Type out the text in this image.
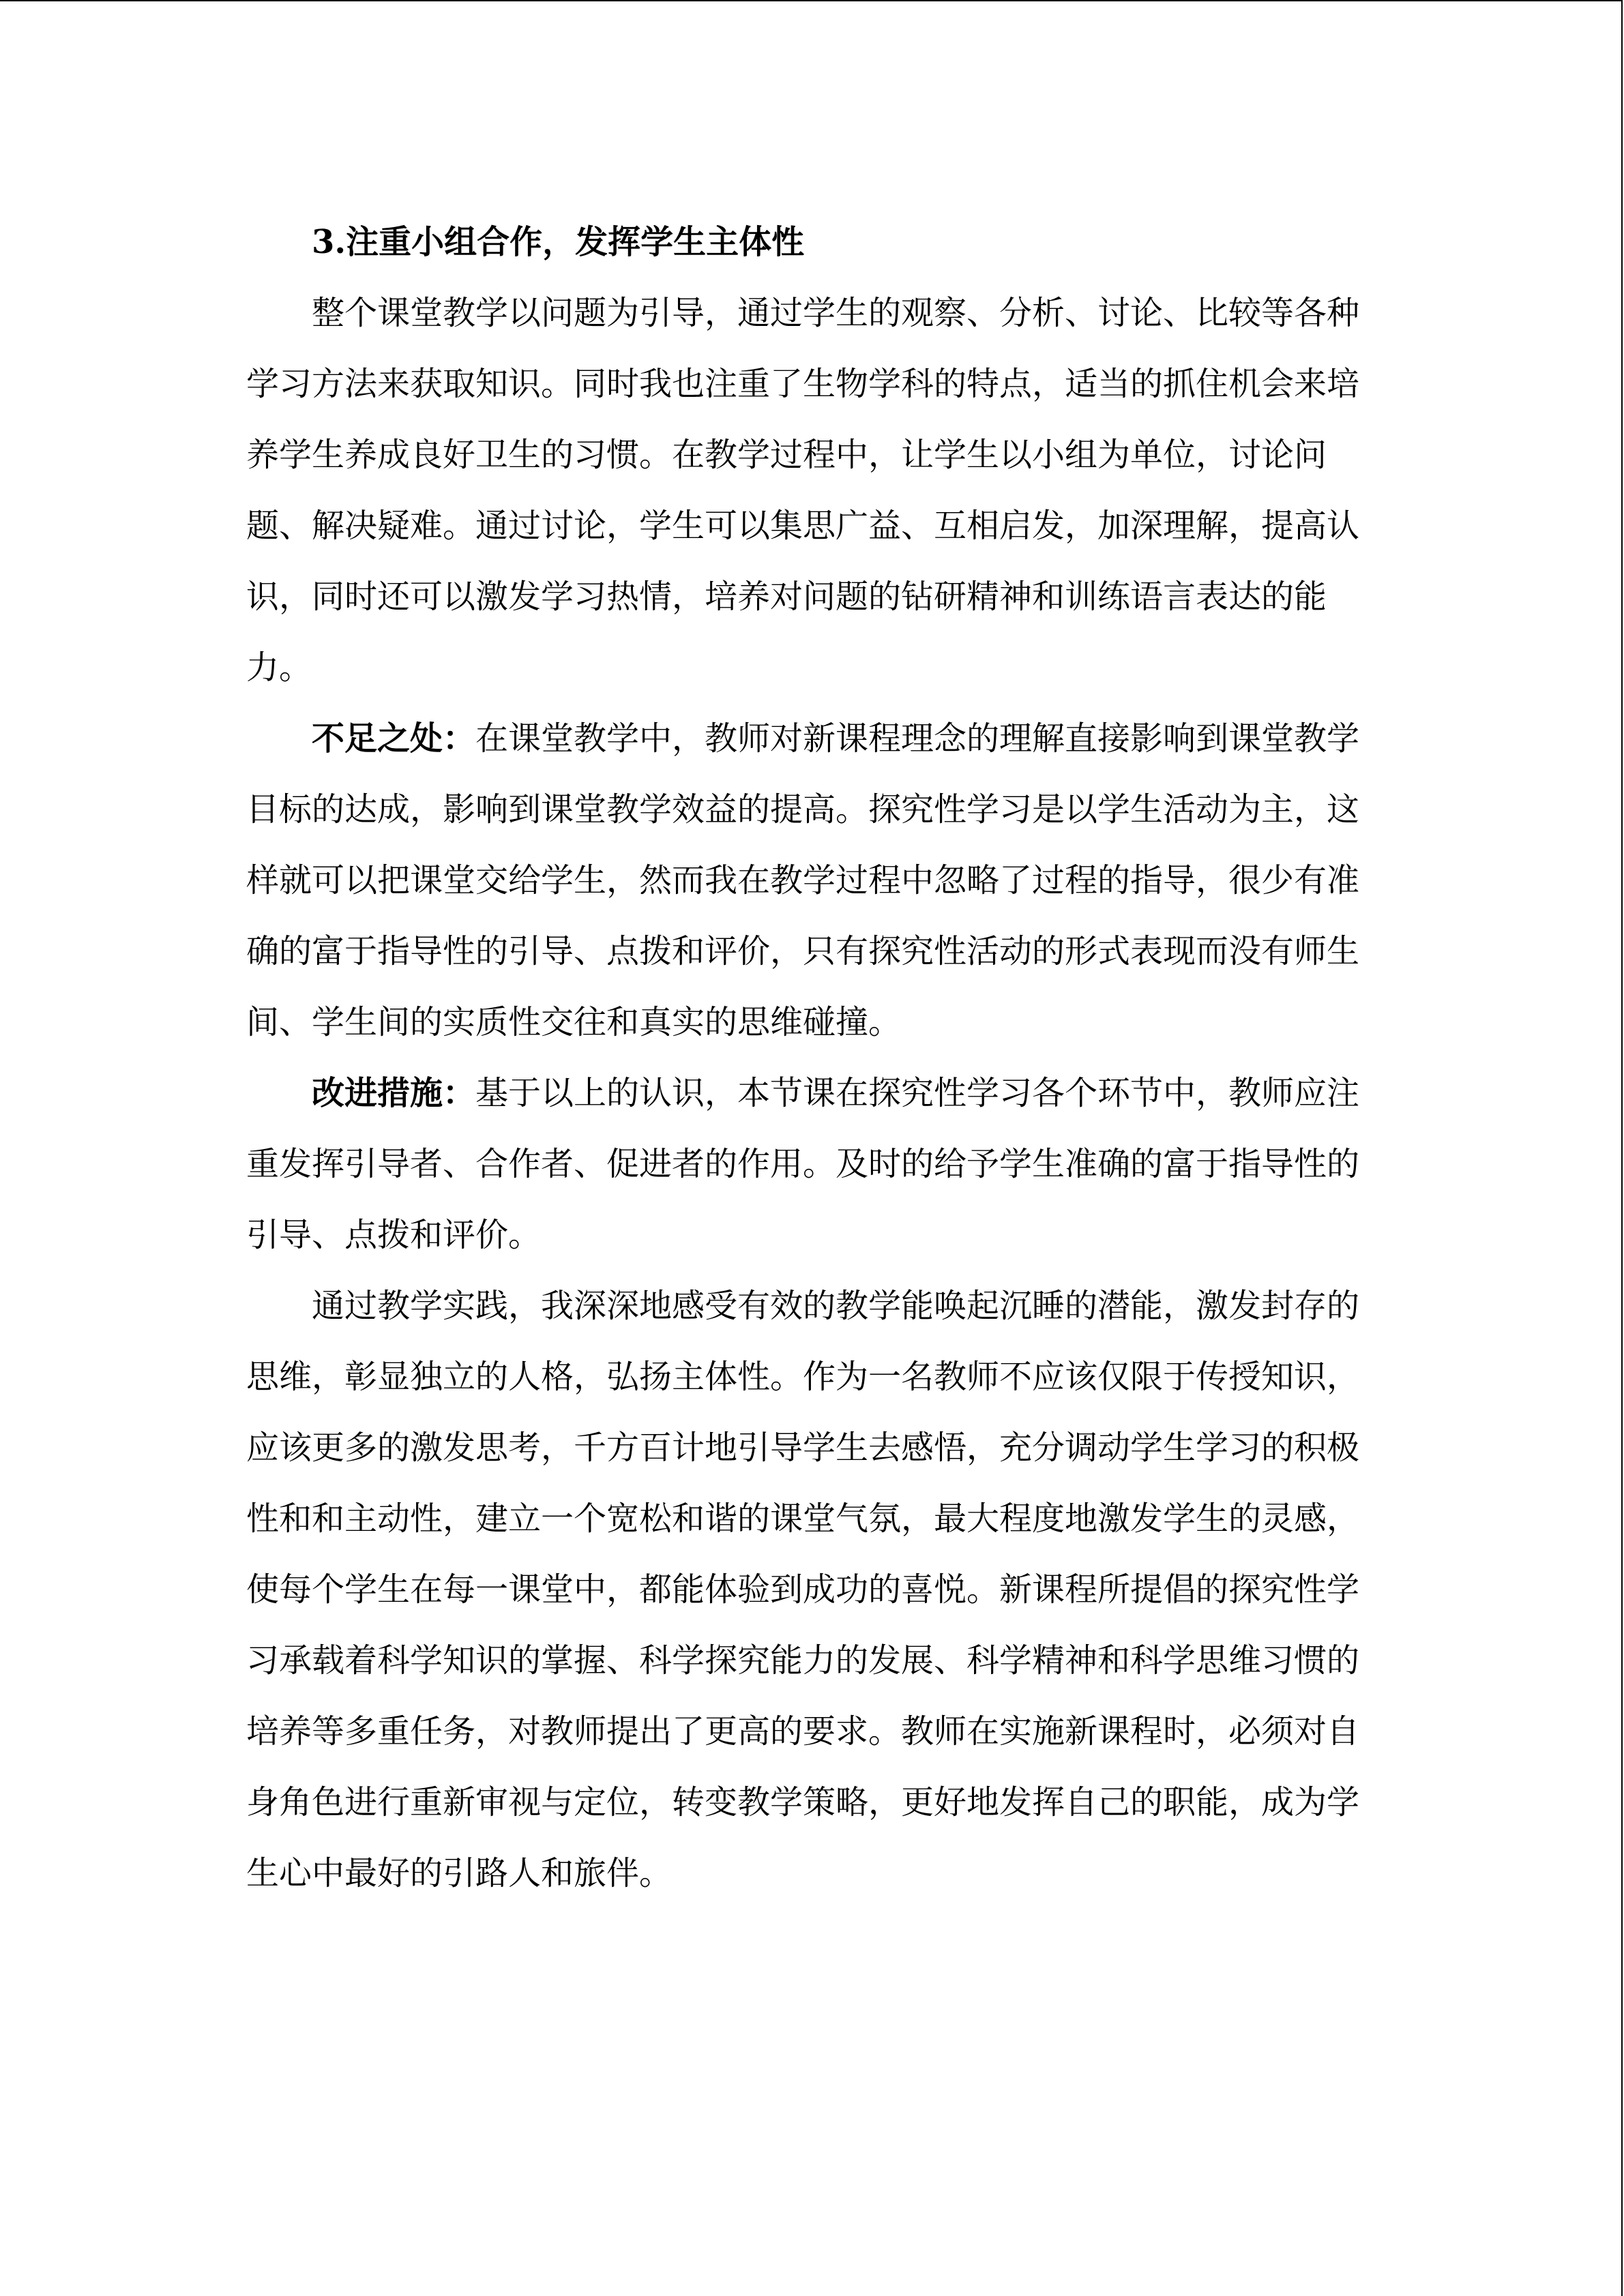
3.注重小组合作，发挥学生主体性
整个课堂教学以问题为引导，通过学生的观察、分析、讨论、比较等各种
学习方法来获取知识。同时我也注重了生物学科的特点，适当的抓住机会来培
养学生养成良好卫生的习惯。在教学过程中，让学生以小组为单位，讨论问
题、解决疑难。通过讨论，学生可以集思广益、互相启发，加深理解，提高认
识，同时还可以激发学习热情，培养对问题的钻研精神和训练语言表达的能
力。
不足之处：在课堂教学中，教师对新课程理念的理解直接影响到课堂教学
目标的达成，影响到课堂教学效益的提高。探究性学习是以学生活动为主，这
样就可以把课堂交给学生，然而我在教学过程中忽略了过程的指导，很少有准
确的富于指导性的引导、点拨和评价，只有探究性活动的形式表现而没有师生
间、学生间的实质性交往和真实的思维碰撞。
改进措施：基于以上的认识，本节课在探究性学习各个环节中，教师应注
重发挥引导者、合作者、促进者的作用。及时的给予学生准确的富于指导性的
引导、点拨和评价。
通过教学实践，我深深地感受有效的教学能唤起沉睡的潜能，激发封存的
思维，彰显独立的人格，弘扬主体性。作为一名教师不应该仅限于传授知识，
应该更多的激发思考，千方百计地引导学生去感悟，充分调动学生学习的积极
性和和主动性，建立一个宽松和谐的课堂气氛，最大程度地激发学生的灵感，
使每个学生在每一课堂中，都能体验到成功的喜悦。新课程所提倡的探究性学
习承载着科学知识的掌握、科学探究能力的发展、科学精神和科学思维习惯的
培养等多重任务，对教师提出了更高的要求。教师在实施新课程时，必须对自
身角色进行重新审视与定位，转变教学策略，更好地发挥自己的职能，成为学
生心中最好的引路人和旅伴。
